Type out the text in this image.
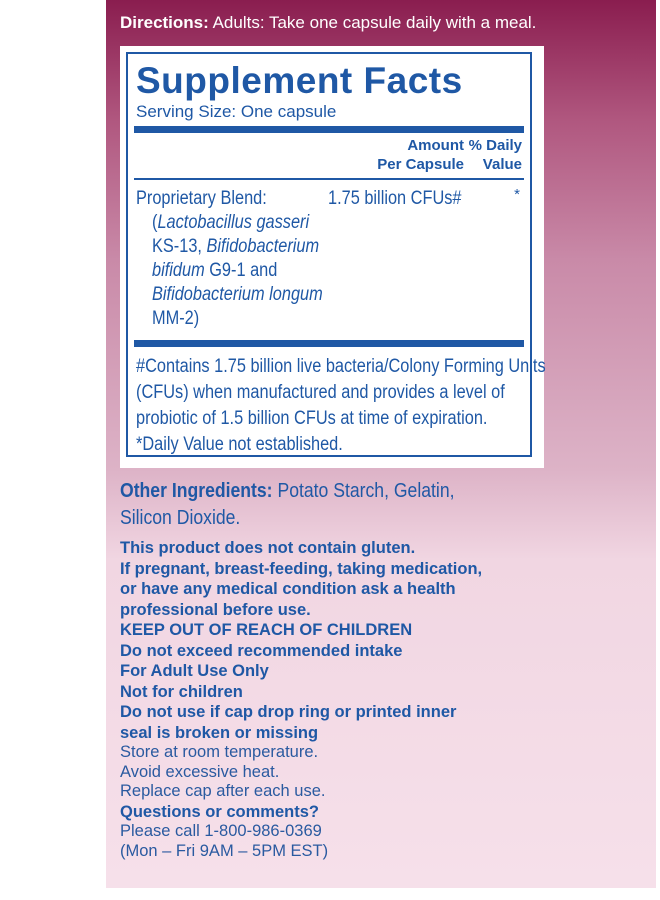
Directions: Adults: Take one capsule daily with a meal.
Supplement Facts
Serving Size: One capsule
Amount
Per Capsule
% Daily
Value
Proprietary Blend:	1.75 billion CFUs#	*
(Lactobacillus gasseri
KS-13, Bifidobacterium
bifidum G9-1 and
Bifidobacterium longum
MM-2)
#Contains 1.75 billion live bacteria/Colony Forming Units
(CFUs) when manufactured and provides a level of
probiotic of 1.5 billion CFUs at time of expiration.
*Daily Value not established.
Other Ingredients: Potato Starch, Gelatin,
Silicon Dioxide.
This product does not contain gluten.
If pregnant, breast-feeding, taking medication,
or have any medical condition ask a health
professional before use.
KEEP OUT OF REACH OF CHILDREN
Do not exceed recommended intake
For Adult Use Only
Not for children
Do not use if cap drop ring or printed inner
seal is broken or missing
Store at room temperature.
Avoid excessive heat.
Replace cap after each use.
Questions or comments?
Please call 1-800-986-0369
(Mon – Fri 9AM – 5PM EST)
